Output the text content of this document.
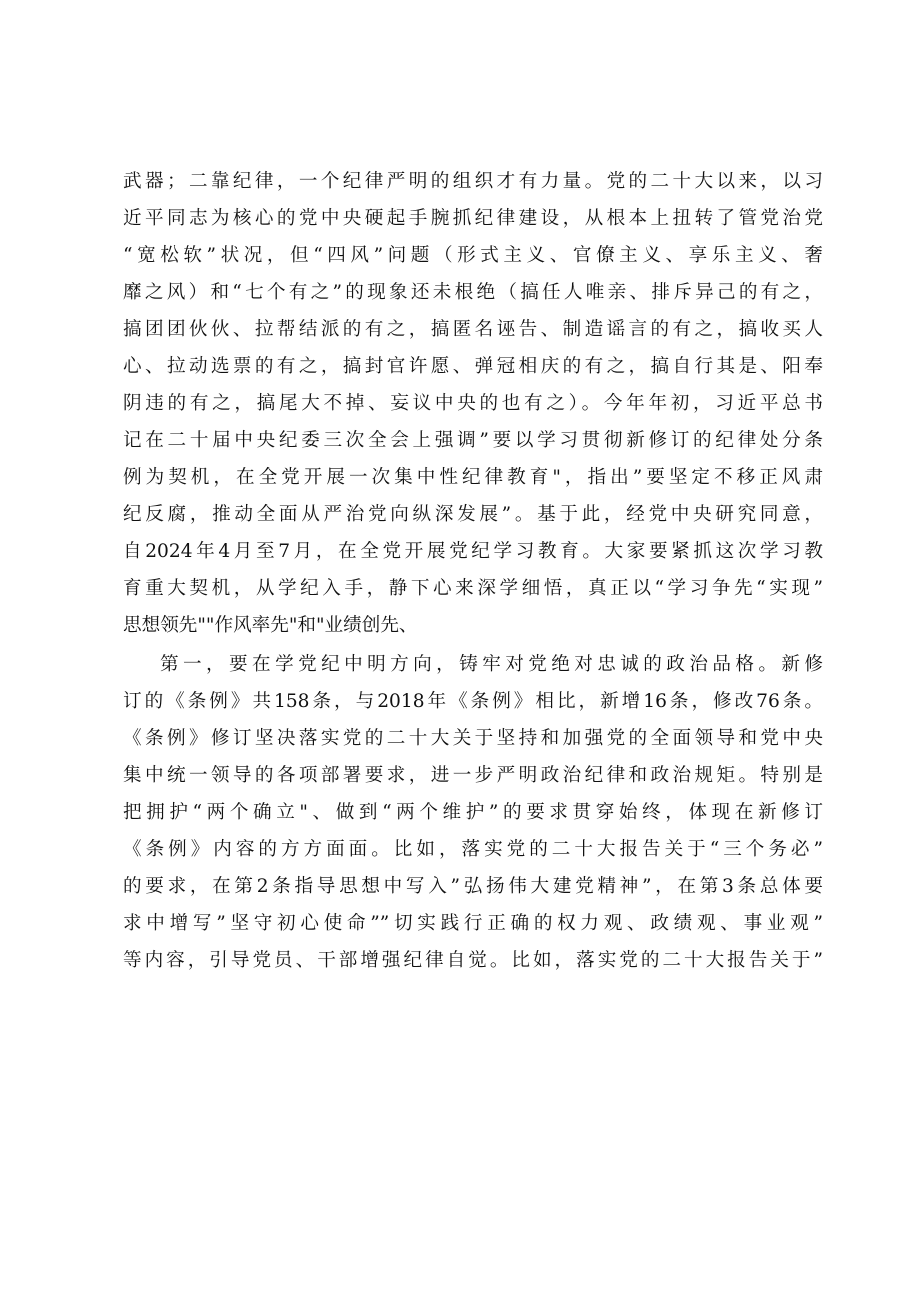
武器；二靠纪律，一个纪律严明的组织才有力量。党的二十大以来，以习
近平同志为核心的党中央硬起手腕抓纪律建设，从根本上扭转了管党治党
“宽松软”状况，但“四风”问题（形式主义、官僚主义、享乐主义、奢
靡之风）和“七个有之”的现象还未根绝（搞任人唯亲、排斥异己的有之，
搞团团伙伙、拉帮结派的有之，搞匿名诬告、制造谣言的有之，搞收买人
心、拉动选票的有之，搞封官许愿、弹冠相庆的有之，搞自行其是、阳奉
阴违的有之，搞尾大不掉、妄议中央的也有之）。今年年初，习近平总书
记在二十届中央纪委三次全会上强调”要以学习贯彻新修订的纪律处分条
例为契机，在全党开展一次集中性纪律教育"，指出”要坚定不移正风肃
纪反腐，推动全面从严治党向纵深发展”。基于此，经党中央研究同意，
自2024年4月至7月，在全党开展党纪学习教育。大家要紧抓这次学习教
育重大契机，从学纪入手，静下心来深学细悟，真正以“学习争先“实现”
思想领先""作风率先"和"业绩创先、
第一，要在学党纪中明方向，铸牢对党绝对忠诚的政治品格。新修
订的《条例》共158条，与2018年《条例》相比，新增16条，修改76条。
《条例》修订坚决落实党的二十大关于坚持和加强党的全面领导和党中央
集中统一领导的各项部署要求，进一步严明政治纪律和政治规矩。特别是
把拥护“两个确立"、做到“两个维护”的要求贯穿始终，体现在新修订
《条例》内容的方方面面。比如，落实党的二十大报告关于“三个务必”
的要求，在第2条指导思想中写入”弘扬伟大建党精神”，在第3条总体要
求中增写”坚守初心使命””切实践行正确的权力观、政绩观、事业观”
等内容，引导党员、干部增强纪律自觉。比如，落实党的二十大报告关于”
